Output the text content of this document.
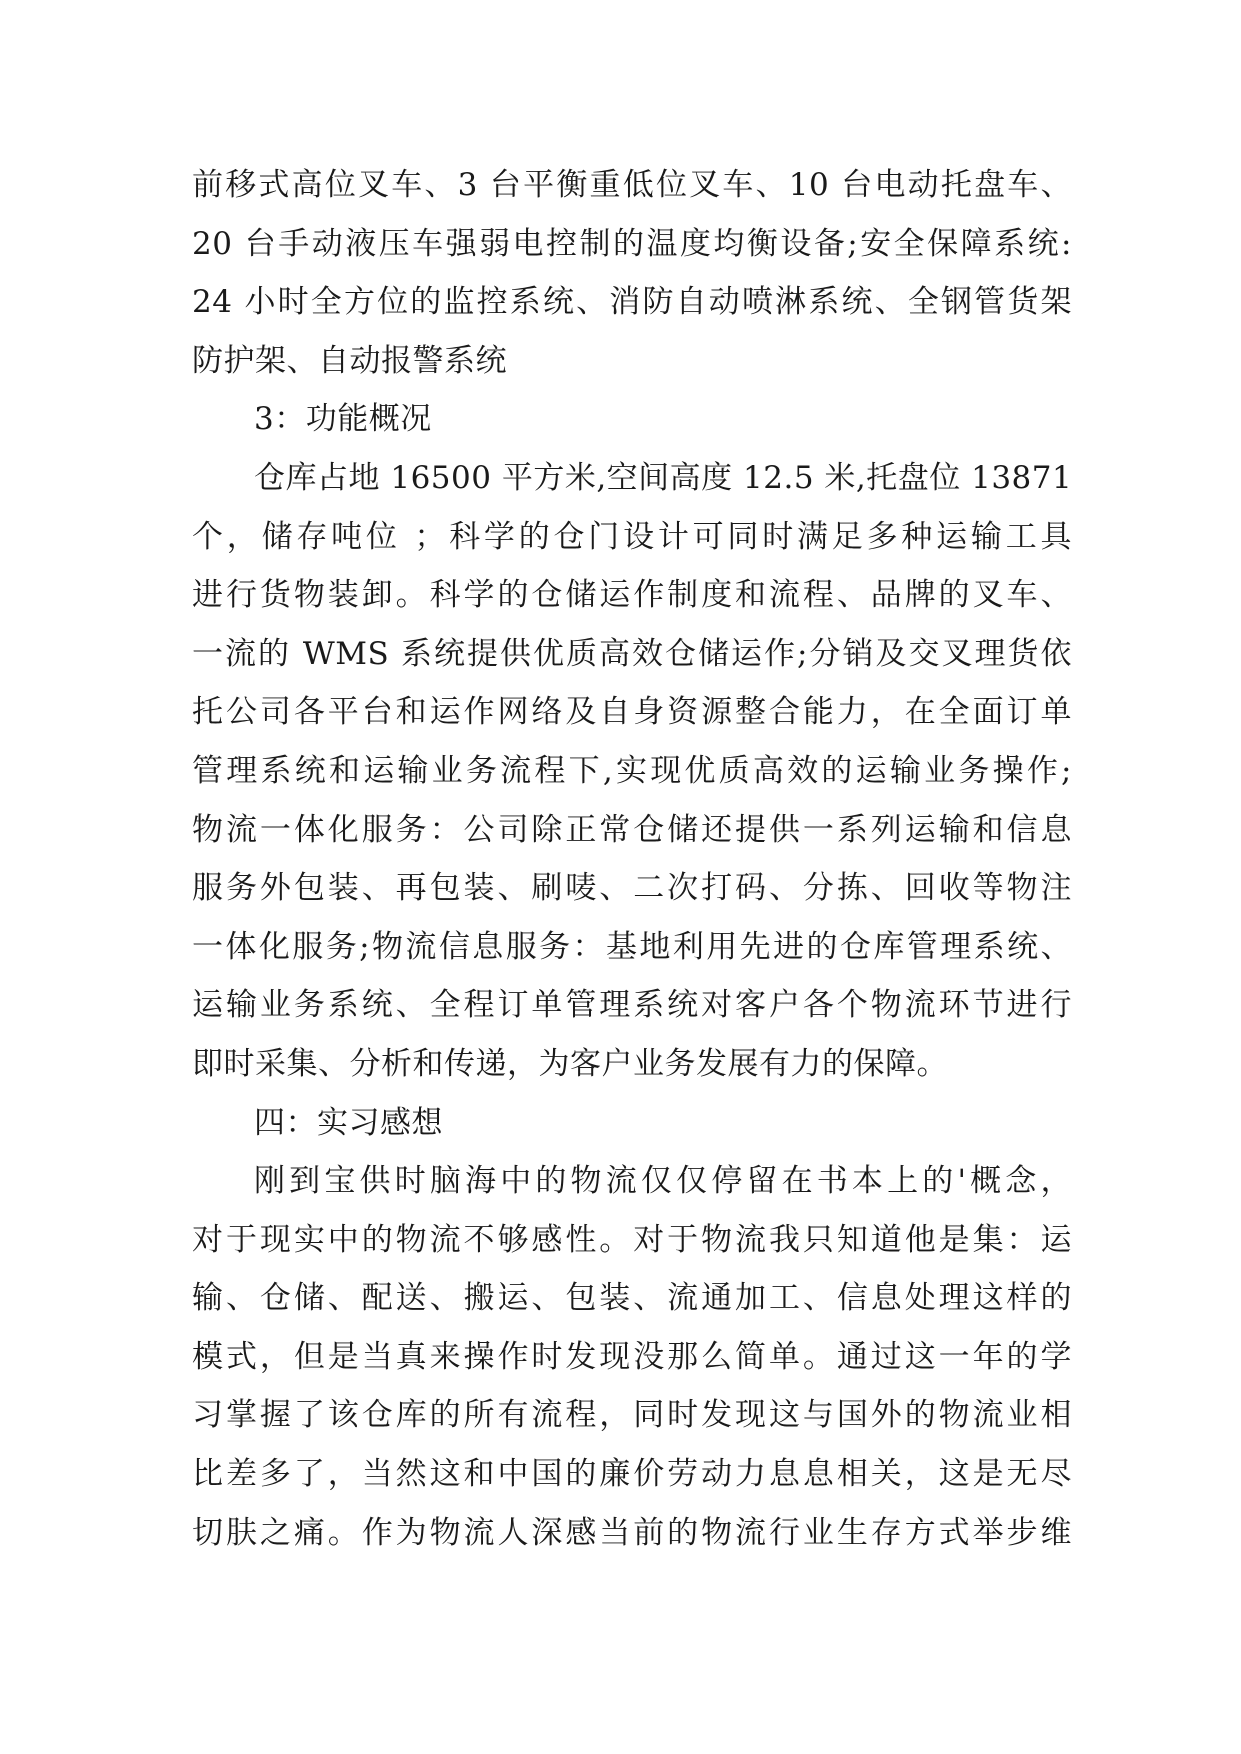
前移式高位叉车、3 台平衡重低位叉车、10 台电动托盘车、
20 台手动液压车强弱电控制的温度均衡设备;安全保障系统:
24 小时全方位的监控系统、消防自动喷淋系统、全钢管货架
防护架、自动报警系统
3：功能概况
仓库占地 16500 平方米,空间高度 12.5 米,托盘位 13871
个，储存吨位 ；科学的仓门设计可同时满足多种运输工具
进行货物装卸。科学的仓储运作制度和流程、品牌的叉车、
一流的 WMS 系统提供优质高效仓储运作;分销及交叉理货依
托公司各平台和运作网络及自身资源整合能力，在全面订单
管理系统和运输业务流程下,实现优质高效的运输业务操作;
物流一体化服务：公司除正常仓储还提供一系列运输和信息
服务外包装、再包装、刷唛、二次打码、分拣、回收等物注
一体化服务;物流信息服务：基地利用先进的仓库管理系统、
运输业务系统、全程订单管理系统对客户各个物流环节进行
即时采集、分析和传递，为客户业务发展有力的保障。
四：实习感想
刚到宝供时脑海中的物流仅仅停留在书本上的'概念，
对于现实中的物流不够感性。对于物流我只知道他是集：运
输、仓储、配送、搬运、包装、流通加工、信息处理这样的
模式，但是当真来操作时发现没那么简单。通过这一年的学
习掌握了该仓库的所有流程，同时发现这与国外的物流业相
比差多了，当然这和中国的廉价劳动力息息相关，这是无尽
切肤之痛。作为物流人深感当前的物流行业生存方式举步维
